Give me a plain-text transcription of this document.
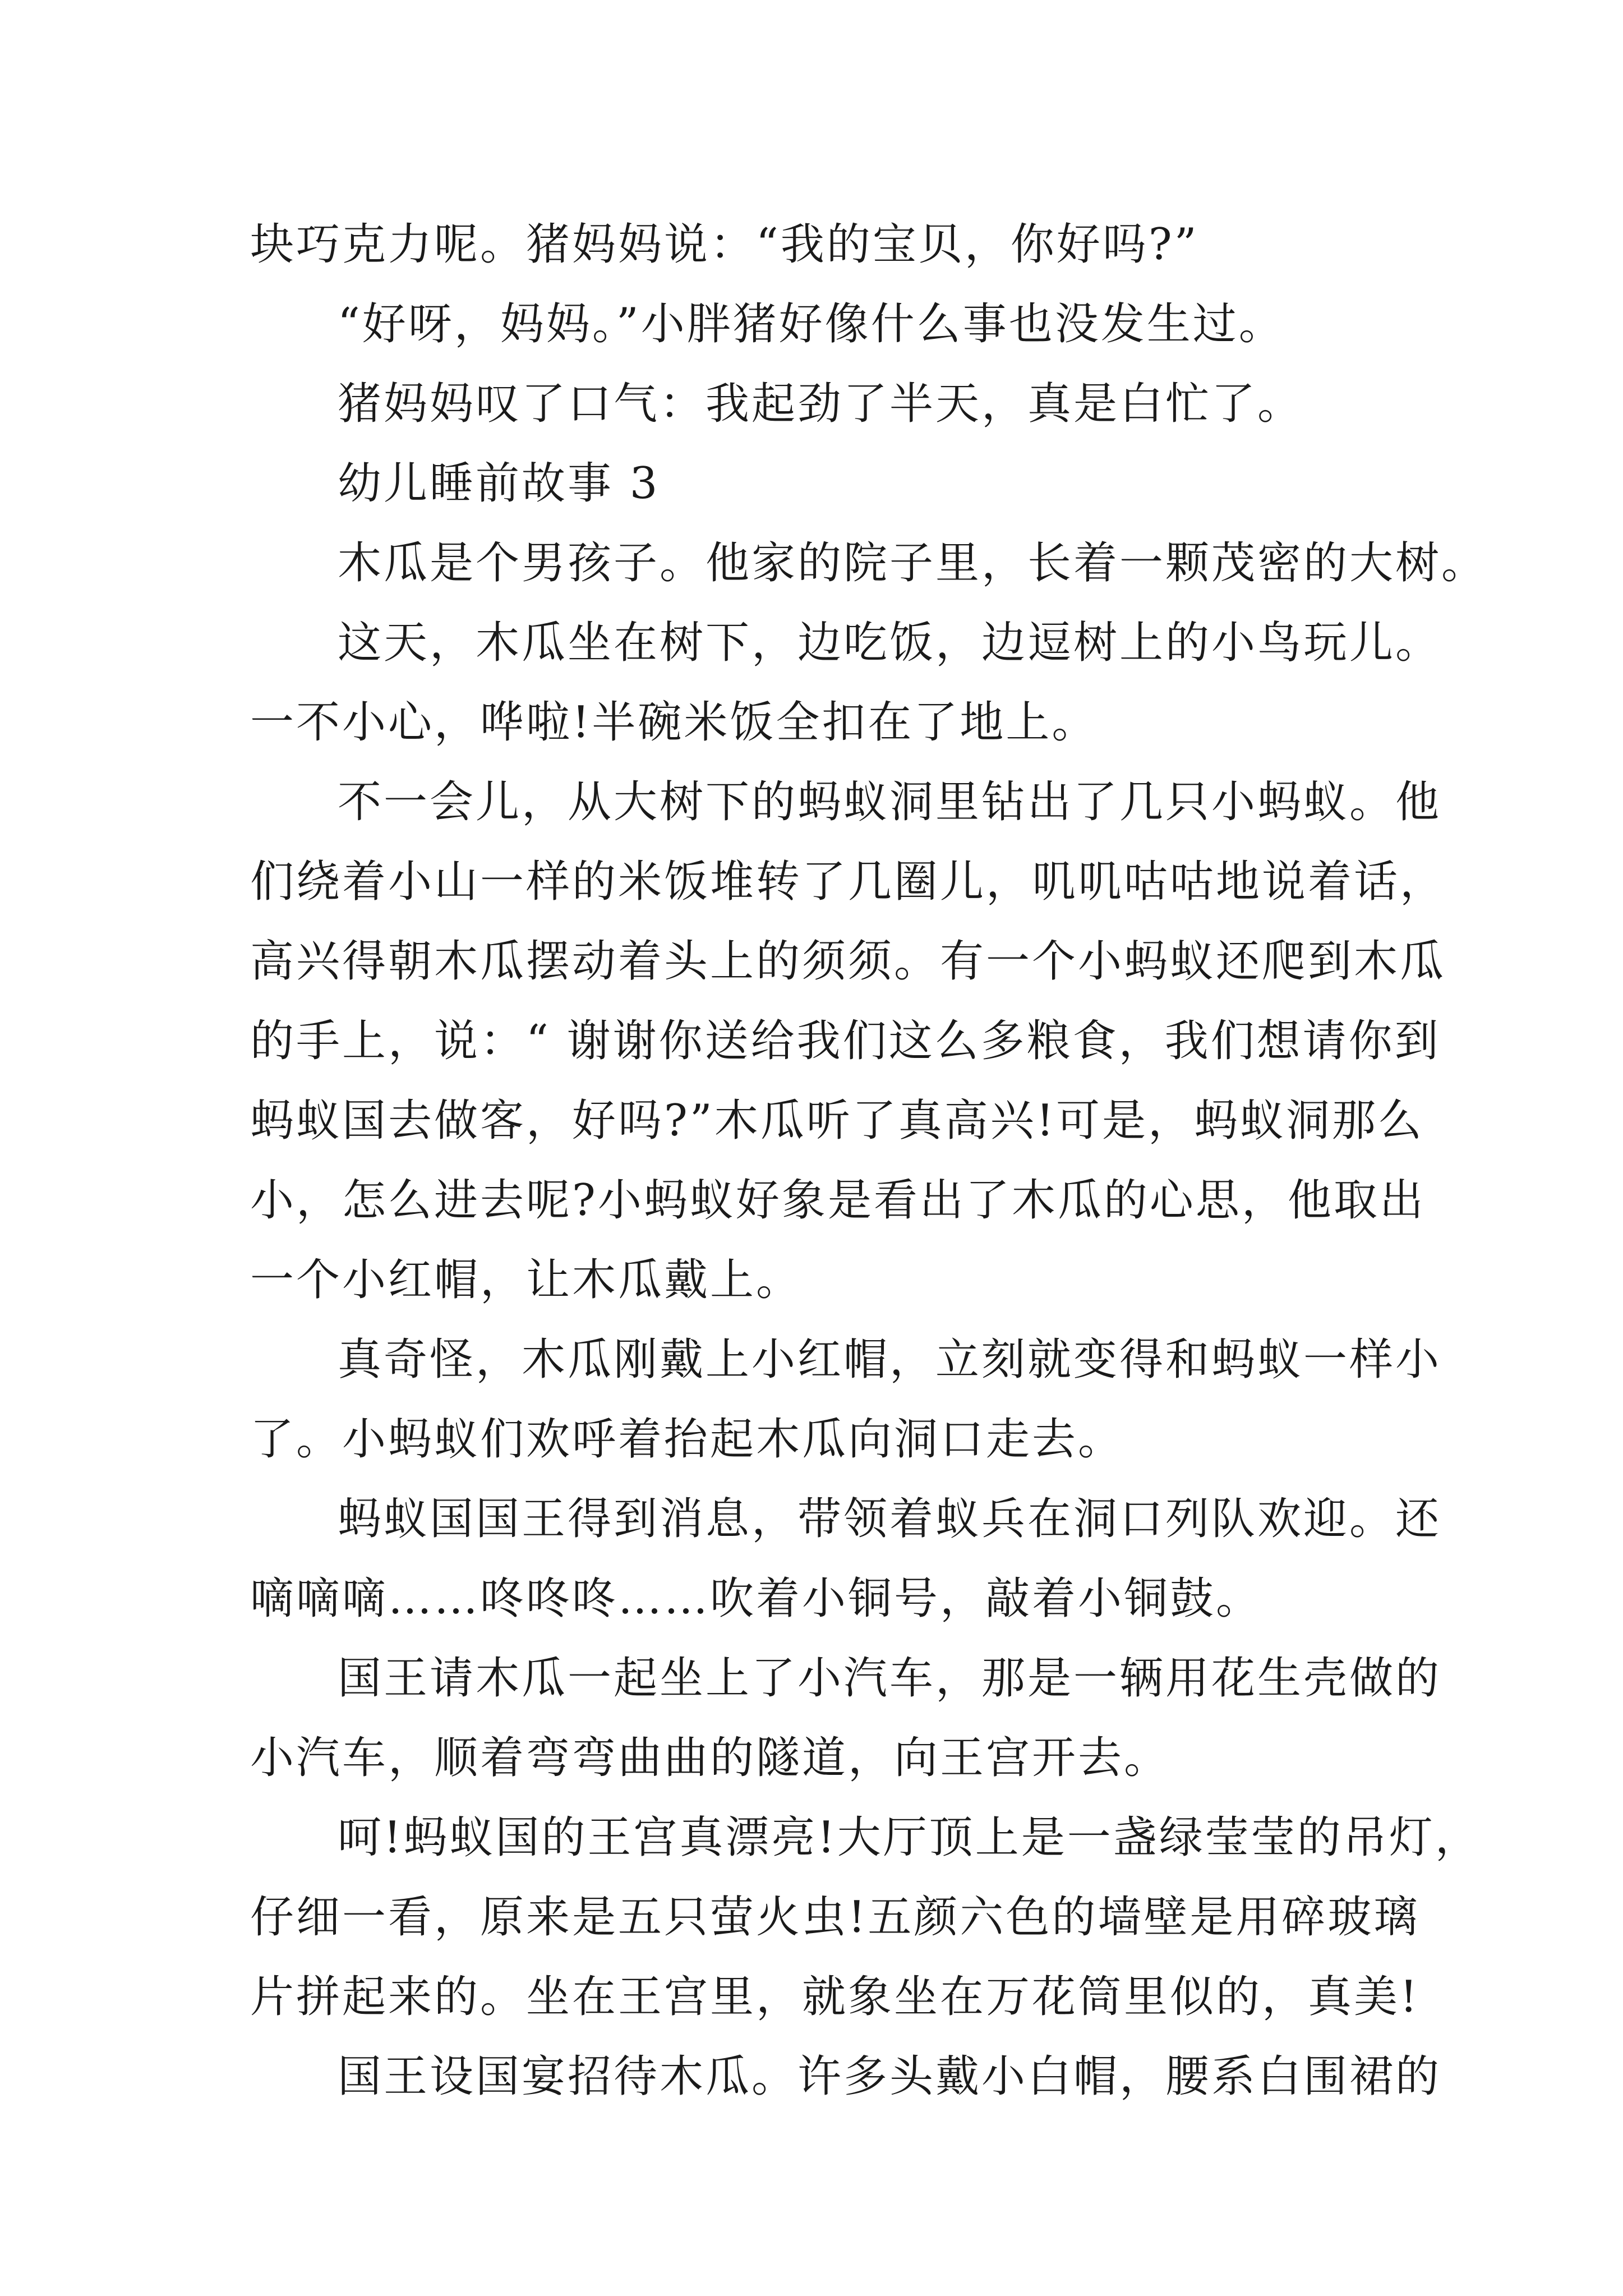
块巧克力呢。猪妈妈说：“我的宝贝，你好吗?”
“好呀，妈妈。”小胖猪好像什么事也没发生过。
猪妈妈叹了口气：我起劲了半天，真是白忙了。
幼儿睡前故事 3
木瓜是个男孩子。他家的院子里，长着一颗茂密的大树。
这天，木瓜坐在树下，边吃饭，边逗树上的小鸟玩儿。
一不小心，哗啦!半碗米饭全扣在了地上。
不一会儿，从大树下的蚂蚁洞里钻出了几只小蚂蚁。他
们绕着小山一样的米饭堆转了几圈儿，叽叽咕咕地说着话，
高兴得朝木瓜摆动着头上的须须。有一个小蚂蚁还爬到木瓜
的手上，说：“ 谢谢你送给我们这么多粮食，我们想请你到
蚂蚁国去做客，好吗?”木瓜听了真高兴!可是，蚂蚁洞那么
小，怎么进去呢?小蚂蚁好象是看出了木瓜的心思，他取出
一个小红帽，让木瓜戴上。
真奇怪，木瓜刚戴上小红帽，立刻就变得和蚂蚁一样小
了。小蚂蚁们欢呼着抬起木瓜向洞口走去。
蚂蚁国国王得到消息，带领着蚁兵在洞口列队欢迎。还
嘀嘀嘀……咚咚咚……吹着小铜号，敲着小铜鼓。
国王请木瓜一起坐上了小汽车，那是一辆用花生壳做的
小汽车，顺着弯弯曲曲的隧道，向王宫开去。
呵!蚂蚁国的王宫真漂亮!大厅顶上是一盏绿莹莹的吊灯，
仔细一看，原来是五只萤火虫!五颜六色的墙壁是用碎玻璃
片拼起来的。坐在王宫里，就象坐在万花筒里似的，真美!
国王设国宴招待木瓜。许多头戴小白帽，腰系白围裙的
